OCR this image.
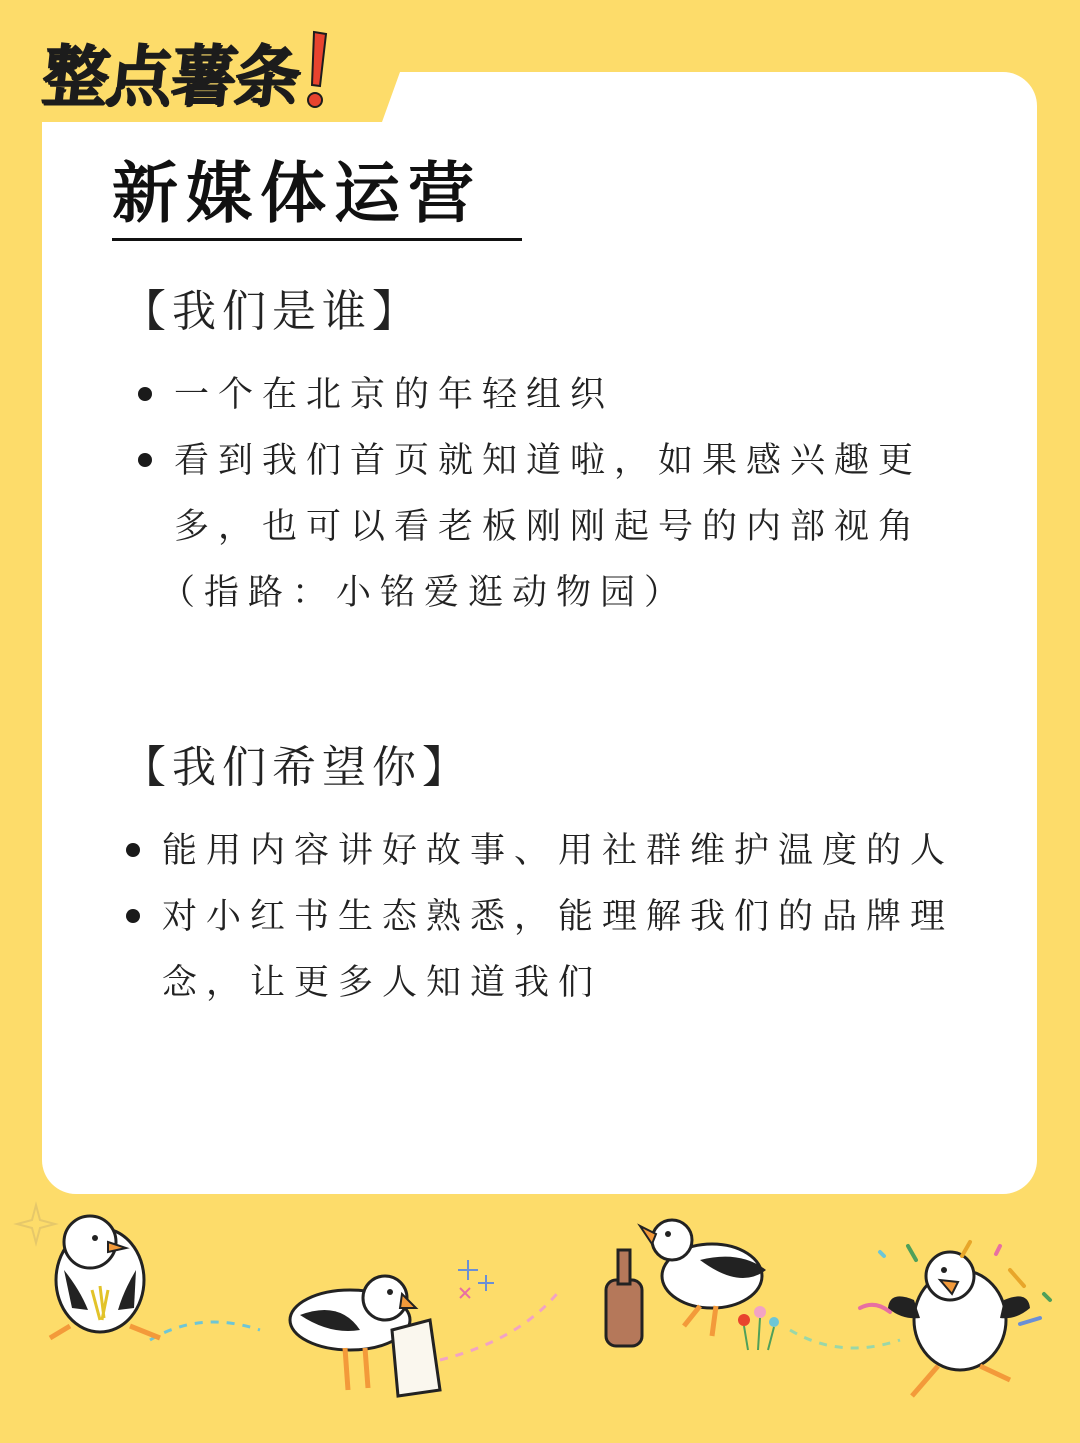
整点薯条
新媒体运营
【我们是谁】
一个在北京的年轻组织
看到我们首页就知道啦，如果感兴趣更
多，也可以看老板刚刚起号的内部视角
（指路：小铭爱逛动物园）
【我们希望你】
能用内容讲好故事、用社群维护温度的人
对小红书生态熟悉，能理解我们的品牌理
念，让更多人知道我们
